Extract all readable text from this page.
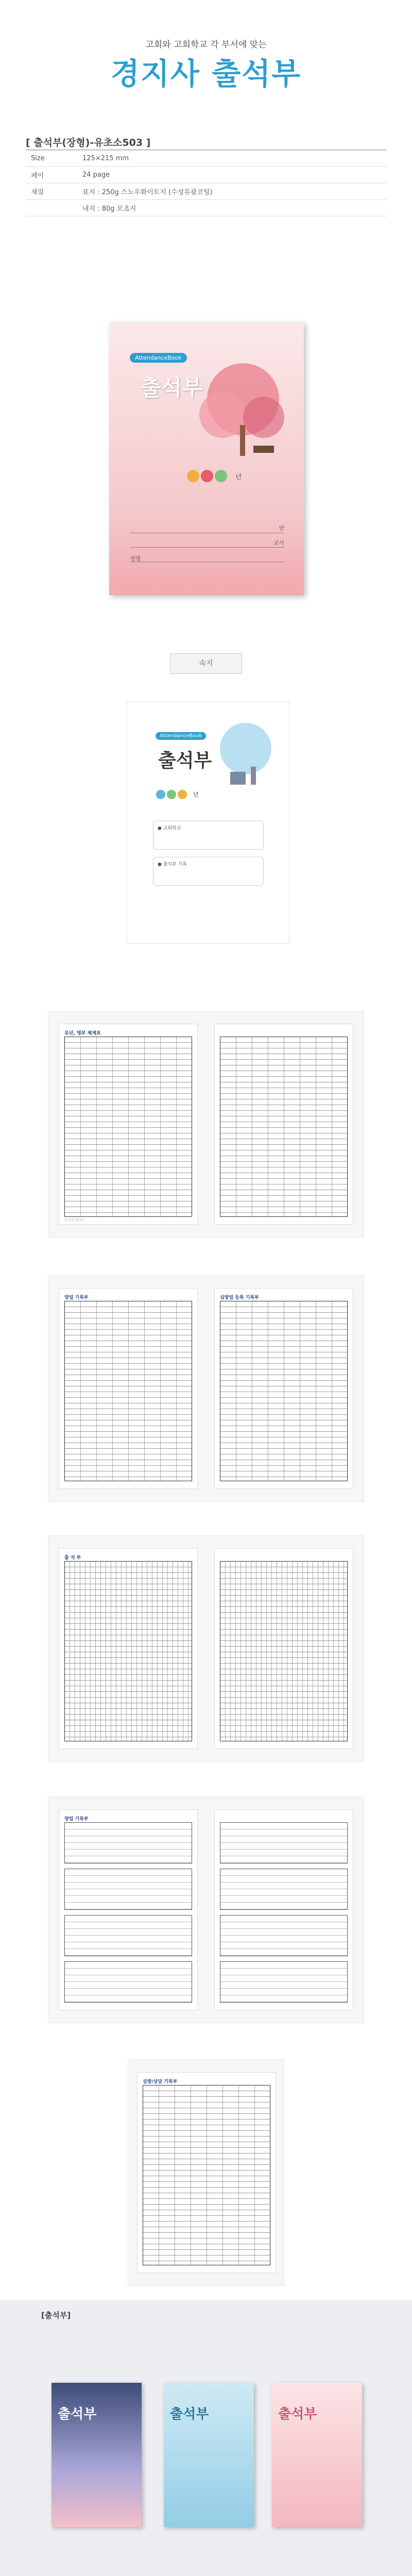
고회와 고회학교 각 부서에 맞는
경지사 출석부
[ 출석부(장형)-유초소503 ]
Size	125×215 mm
페이	24 page
재질	표지 : 250g 스노우화이트지 (수성유광코팅)
내지 : 80g 모조지
AttendanceBook
출석부
년
반
교사
성명
속지
AttendanceBook
출석부
년
● 교회학교
● 출석부 기록
유년, 명부 체계표
나·교회·경지사
양업 기록부	심방업 등록 기록부
출 석 부
양업 기록부
심방/상담 기록부
[출석부]
출석부	출석부	출석부
